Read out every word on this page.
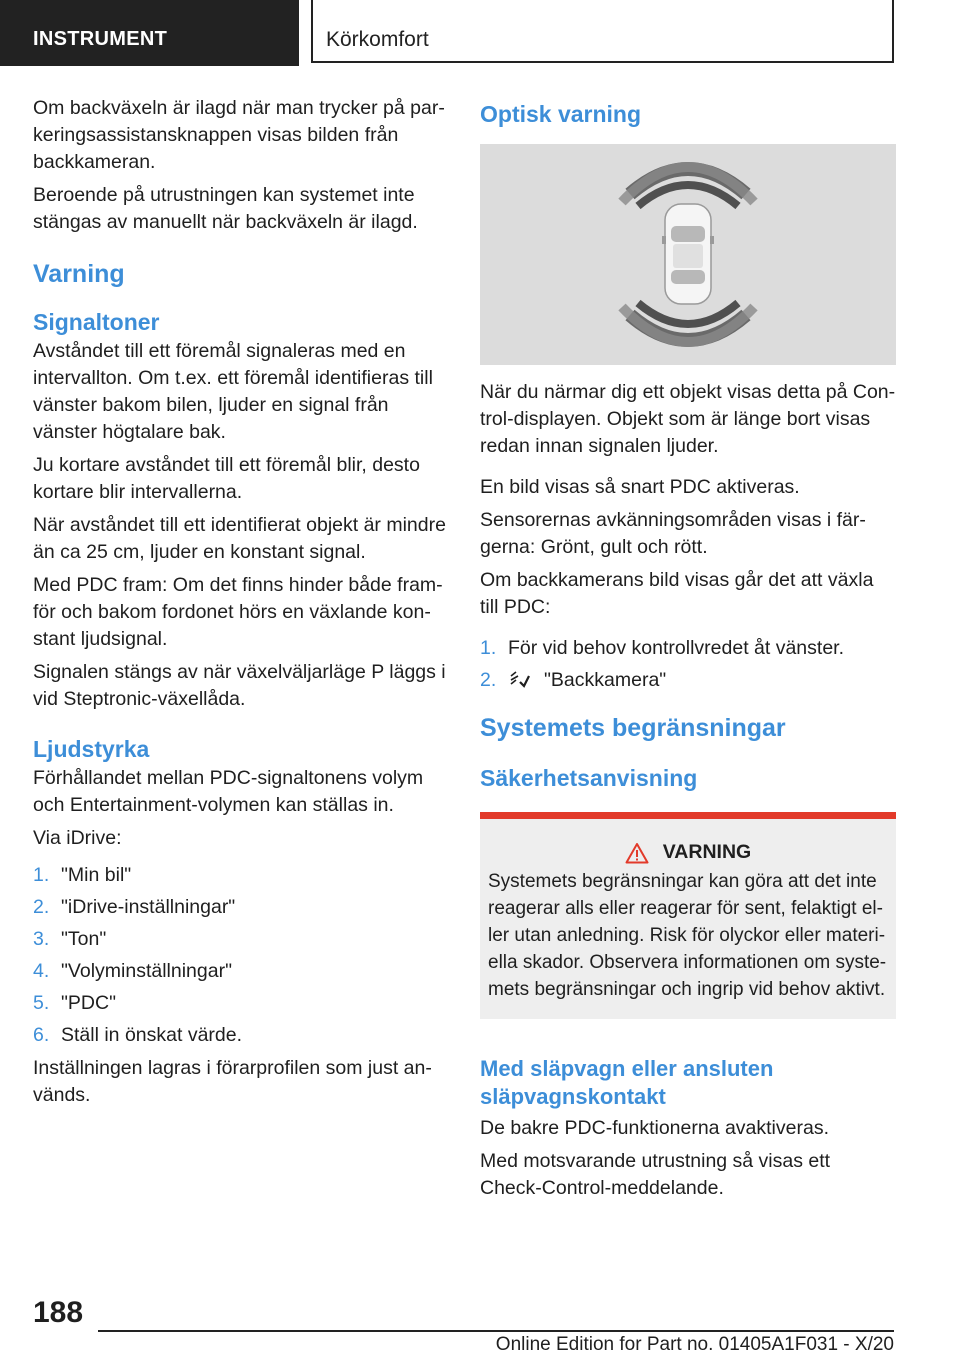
INSTRUMENT	Körkomfort

Om backväxeln är ilagd när man trycker på parkeringsassistansknappen visas bilden från backkameran.

Beroende på utrustningen kan systemet inte stängas av manuellt när backväxeln är ilagd.

Varning
Signaltoner

Avståndet till ett föremål signaleras med en intervallton. Om t.ex. ett föremål identifieras till vänster bakom bilen, ljuder en signal från vänster högtalare bak.

Ju kortare avståndet till ett föremål blir, desto kortare blir intervallerna.

När avståndet till ett identifierat objekt är mindre än ca 25 cm, ljuder en konstant signal.

Med PDC fram: Om det finns hinder både framför och bakom fordonet hörs en växlande konstant ljudsignal.

Signalen stängs av när växelväljarläge P läggs i vid Steptronic-växellåda.

Ljudstyrka

Förhållandet mellan PDC-signaltonens volym och Entertainment-volymen kan ställas in.

Via iDrive:

1. "Min bil"
2. "iDrive-inställningar"
3. "Ton"
4. "Volyminställningar"
5. "PDC"
6. Ställ in önskat värde.

Inställningen lagras i förarprofilen som just används.

Optisk varning

När du närmar dig ett objekt visas detta på Control-displayen. Objekt som är länge bort visas redan innan signalen ljuder.

En bild visas så snart PDC aktiveras.

Sensorernas avkänningsområden visas i färgerna: Grönt, gult och rött.

Om backkamerans bild visas går det att växla till PDC:

1. För vid behov kontrollvredet åt vänster.
2. "Backkamera"
Systemets begränsningar
Säkerhetsanvisning
VARNING

Systemets begränsningar kan göra att det inte reagerar alls eller reagerar för sent, felaktigt eller utan anledning. Risk för olyckor eller materiella skador. Observera informationen om systemets begränsningar och ingrip vid behov aktivt.

Med släpvagn eller ansluten släpvagnskontakt

De bakre PDC-funktionerna avaktiveras.

Med motsvarande utrustning så visas ett Check-Control-meddelande.

188
Online Edition for Part no. 01405A1F031 - X/20
